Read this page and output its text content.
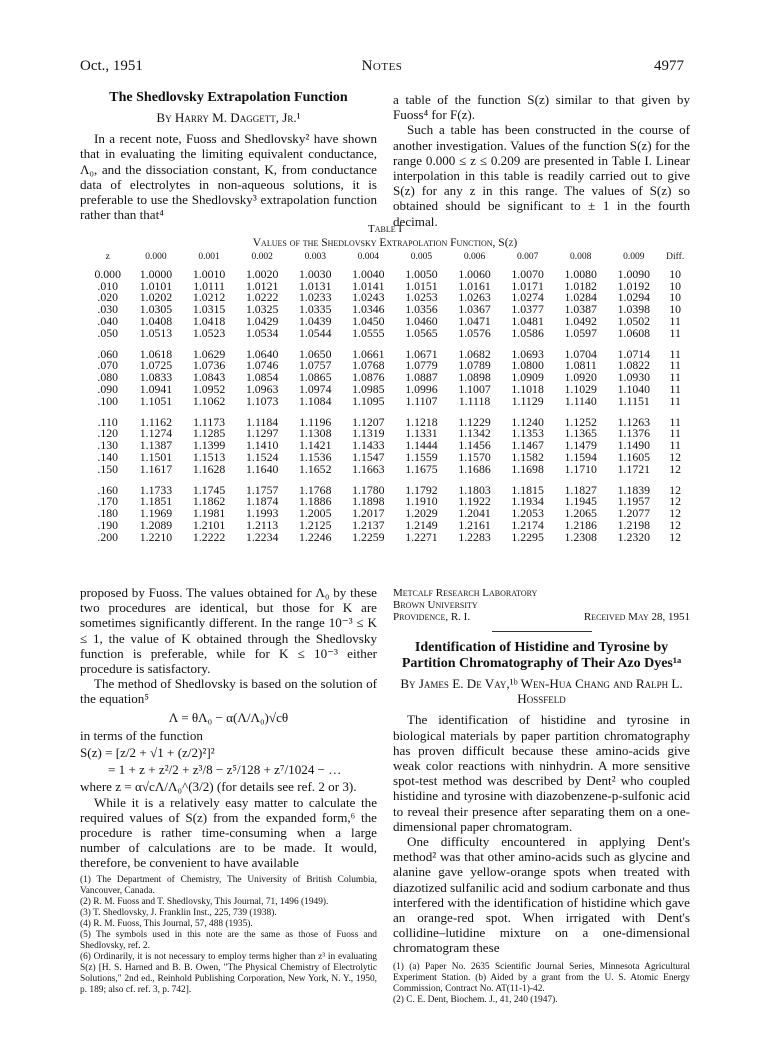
Oct., 1951	Notes	4977
The Shedlovsky Extrapolation Function
By Harry M. Daggett, Jr.¹

In a recent note, Fuoss and Shedlovsky² have shown that in evaluating the limiting equivalent conductance, Λ₀, and the dissociation constant, K, from conductance data of electrolytes in non-aqueous solutions, it is preferable to use the Shedlovsky³ extrapolation function rather than that⁴

a table of the function S(z) similar to that given by Fuoss⁴ for F(z).

Such a table has been constructed in the course of another investigation. Values of the function S(z) for the range 0.000 ≤ z ≤ 0.209 are presented in Table I. Linear interpolation in this table is readily carried out to give S(z) for any z in this range. The values of S(z) so obtained should be significant to ± 1 in the fourth decimal.

Table I
Values of the Shedlovsky Extrapolation Function, S(z)
z	0.000	0.001	0.002	0.003	0.004	0.005	0.006	0.007	0.008	0.009	Diff.
0.000	1.0000	1.0010	1.0020	1.0030	1.0040	1.0050	1.0060	1.0070	1.0080	1.0090	10
.010	1.0101	1.0111	1.0121	1.0131	1.0141	1.0151	1.0161	1.0171	1.0182	1.0192	10
.020	1.0202	1.0212	1.0222	1.0233	1.0243	1.0253	1.0263	1.0274	1.0284	1.0294	10
.030	1.0305	1.0315	1.0325	1.0335	1.0346	1.0356	1.0367	1.0377	1.0387	1.0398	10
.040	1.0408	1.0418	1.0429	1.0439	1.0450	1.0460	1.0471	1.0481	1.0492	1.0502	11
.050	1.0513	1.0523	1.0534	1.0544	1.0555	1.0565	1.0576	1.0586	1.0597	1.0608	11
.060	1.0618	1.0629	1.0640	1.0650	1.0661	1.0671	1.0682	1.0693	1.0704	1.0714	11
.070	1.0725	1.0736	1.0746	1.0757	1.0768	1.0779	1.0789	1.0800	1.0811	1.0822	11
.080	1.0833	1.0843	1.0854	1.0865	1.0876	1.0887	1.0898	1.0909	1.0920	1.0930	11
.090	1.0941	1.0952	1.0963	1.0974	1.0985	1.0996	1.1007	1.1018	1.1029	1.1040	11
.100	1.1051	1.1062	1.1073	1.1084	1.1095	1.1107	1.1118	1.1129	1.1140	1.1151	11
.110	1.1162	1.1173	1.1184	1.1196	1.1207	1.1218	1.1229	1.1240	1.1252	1.1263	11
.120	1.1274	1.1285	1.1297	1.1308	1.1319	1.1331	1.1342	1.1353	1.1365	1.1376	11
.130	1.1387	1.1399	1.1410	1.1421	1.1433	1.1444	1.1456	1.1467	1.1479	1.1490	11
.140	1.1501	1.1513	1.1524	1.1536	1.1547	1.1559	1.1570	1.1582	1.1594	1.1605	12
.150	1.1617	1.1628	1.1640	1.1652	1.1663	1.1675	1.1686	1.1698	1.1710	1.1721	12
.160	1.1733	1.1745	1.1757	1.1768	1.1780	1.1792	1.1803	1.1815	1.1827	1.1839	12
.170	1.1851	1.1862	1.1874	1.1886	1.1898	1.1910	1.1922	1.1934	1.1945	1.1957	12
.180	1.1969	1.1981	1.1993	1.2005	1.2017	1.2029	1.2041	1.2053	1.2065	1.2077	12
.190	1.2089	1.2101	1.2113	1.2125	1.2137	1.2149	1.2161	1.2174	1.2186	1.2198	12
.200	1.2210	1.2222	1.2234	1.2246	1.2259	1.2271	1.2283	1.2295	1.2308	1.2320	12

proposed by Fuoss. The values obtained for Λ₀ by these two procedures are identical, but those for K are sometimes significantly different. In the range 10⁻³ ≤ K ≤ 1, the value of K obtained through the Shedlovsky function is preferable, while for K ≤ 10⁻³ either procedure is satisfactory.

The method of Shedlovsky is based on the solution of the equation⁵

Λ = θΛ₀ − α(Λ/Λ₀)√cθ

in terms of the function

S(z) = [z/2 + √1 + (z/2)²]²
= 1 + z + z²/2 + z³/8 − z⁵/128 + z⁷/1024 − …

where z = α√cΛ/Λ₀^(3/2) (for details see ref. 2 or 3).

While it is a relatively easy matter to calculate the required values of S(z) from the expanded form,⁶ the procedure is rather time-consuming when a large number of calculations are to be made. It would, therefore, be convenient to have available

(1) The Department of Chemistry, The University of British Columbia, Vancouver, Canada.
(2) R. M. Fuoss and T. Shedlovsky, This Journal, 71, 1496 (1949).
(3) T. Shedlovsky, J. Franklin Inst., 225, 739 (1938).
(4) R. M. Fuoss, This Journal, 57, 488 (1935).
(5) The symbols used in this note are the same as those of Fuoss and Shedlovsky, ref. 2.
(6) Ordinarily, it is not necessary to employ terms higher than z³ in evaluating S(z) [H. S. Harned and B. B. Owen, "The Physical Chemistry of Electrolytic Solutions," 2nd ed., Reinhold Publishing Corporation, New York, N. Y., 1950, p. 189; also cf. ref. 3, p. 742].
Metcalf Research Laboratory
Brown University
Providence, R. I.	Received May 28, 1951
Identification of Histidine and Tyrosine by Partition Chromatography of Their Azo Dyes¹ᵃ
By James E. De Vay,¹ᵇ Wen-Hua Chang and Ralph L. Hossfeld

The identification of histidine and tyrosine in biological materials by paper partition chromatography has proven difficult because these amino-acids give weak color reactions with ninhydrin. A more sensitive spot-test method was described by Dent² who coupled histidine and tyrosine with diazobenzene-p-sulfonic acid to reveal their presence after separating them on a one-dimensional paper chromatogram.

One difficulty encountered in applying Dent's method² was that other amino-acids such as glycine and alanine gave yellow-orange spots when treated with diazotized sulfanilic acid and sodium carbonate and thus interfered with the identification of histidine which gave an orange-red spot. When irrigated with Dent's collidine–lutidine mixture on a one-dimensional chromatogram these

(1) (a) Paper No. 2635 Scientific Journal Series, Minnesota Agricultural Experiment Station. (b) Aided by a grant from the U. S. Atomic Energy Commission, Contract No. AT(11-1)-42.
(2) C. E. Dent, Biochem. J., 41, 240 (1947).
